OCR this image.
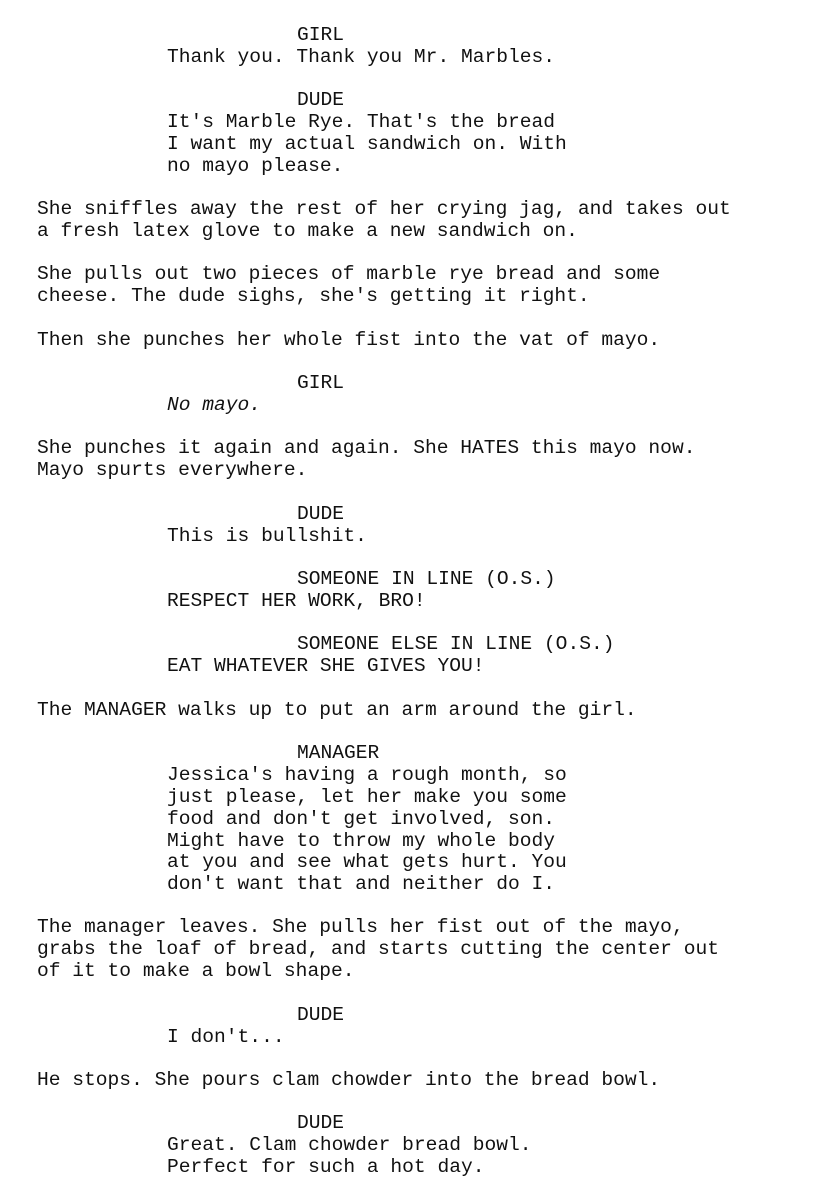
GIRL
Thank you. Thank you Mr. Marbles.
DUDE
It's Marble Rye. That's the bread
I want my actual sandwich on. With
no mayo please.
She sniffles away the rest of her crying jag, and takes out
a fresh latex glove to make a new sandwich on.
She pulls out two pieces of marble rye bread and some
cheese. The dude sighs, she's getting it right.
Then she punches her whole fist into the vat of mayo.
GIRL
No mayo.
She punches it again and again. She HATES this mayo now.
Mayo spurts everywhere.
DUDE
This is bullshit.
SOMEONE IN LINE (O.S.)
RESPECT HER WORK, BRO!
SOMEONE ELSE IN LINE (O.S.)
EAT WHATEVER SHE GIVES YOU!
The MANAGER walks up to put an arm around the girl.
MANAGER
Jessica's having a rough month, so
just please, let her make you some
food and don't get involved, son.
Might have to throw my whole body
at you and see what gets hurt. You
don't want that and neither do I.
The manager leaves. She pulls her fist out of the mayo,
grabs the loaf of bread, and starts cutting the center out
of it to make a bowl shape.
DUDE
I don't...
He stops. She pours clam chowder into the bread bowl.
DUDE
Great. Clam chowder bread bowl.
Perfect for such a hot day.
